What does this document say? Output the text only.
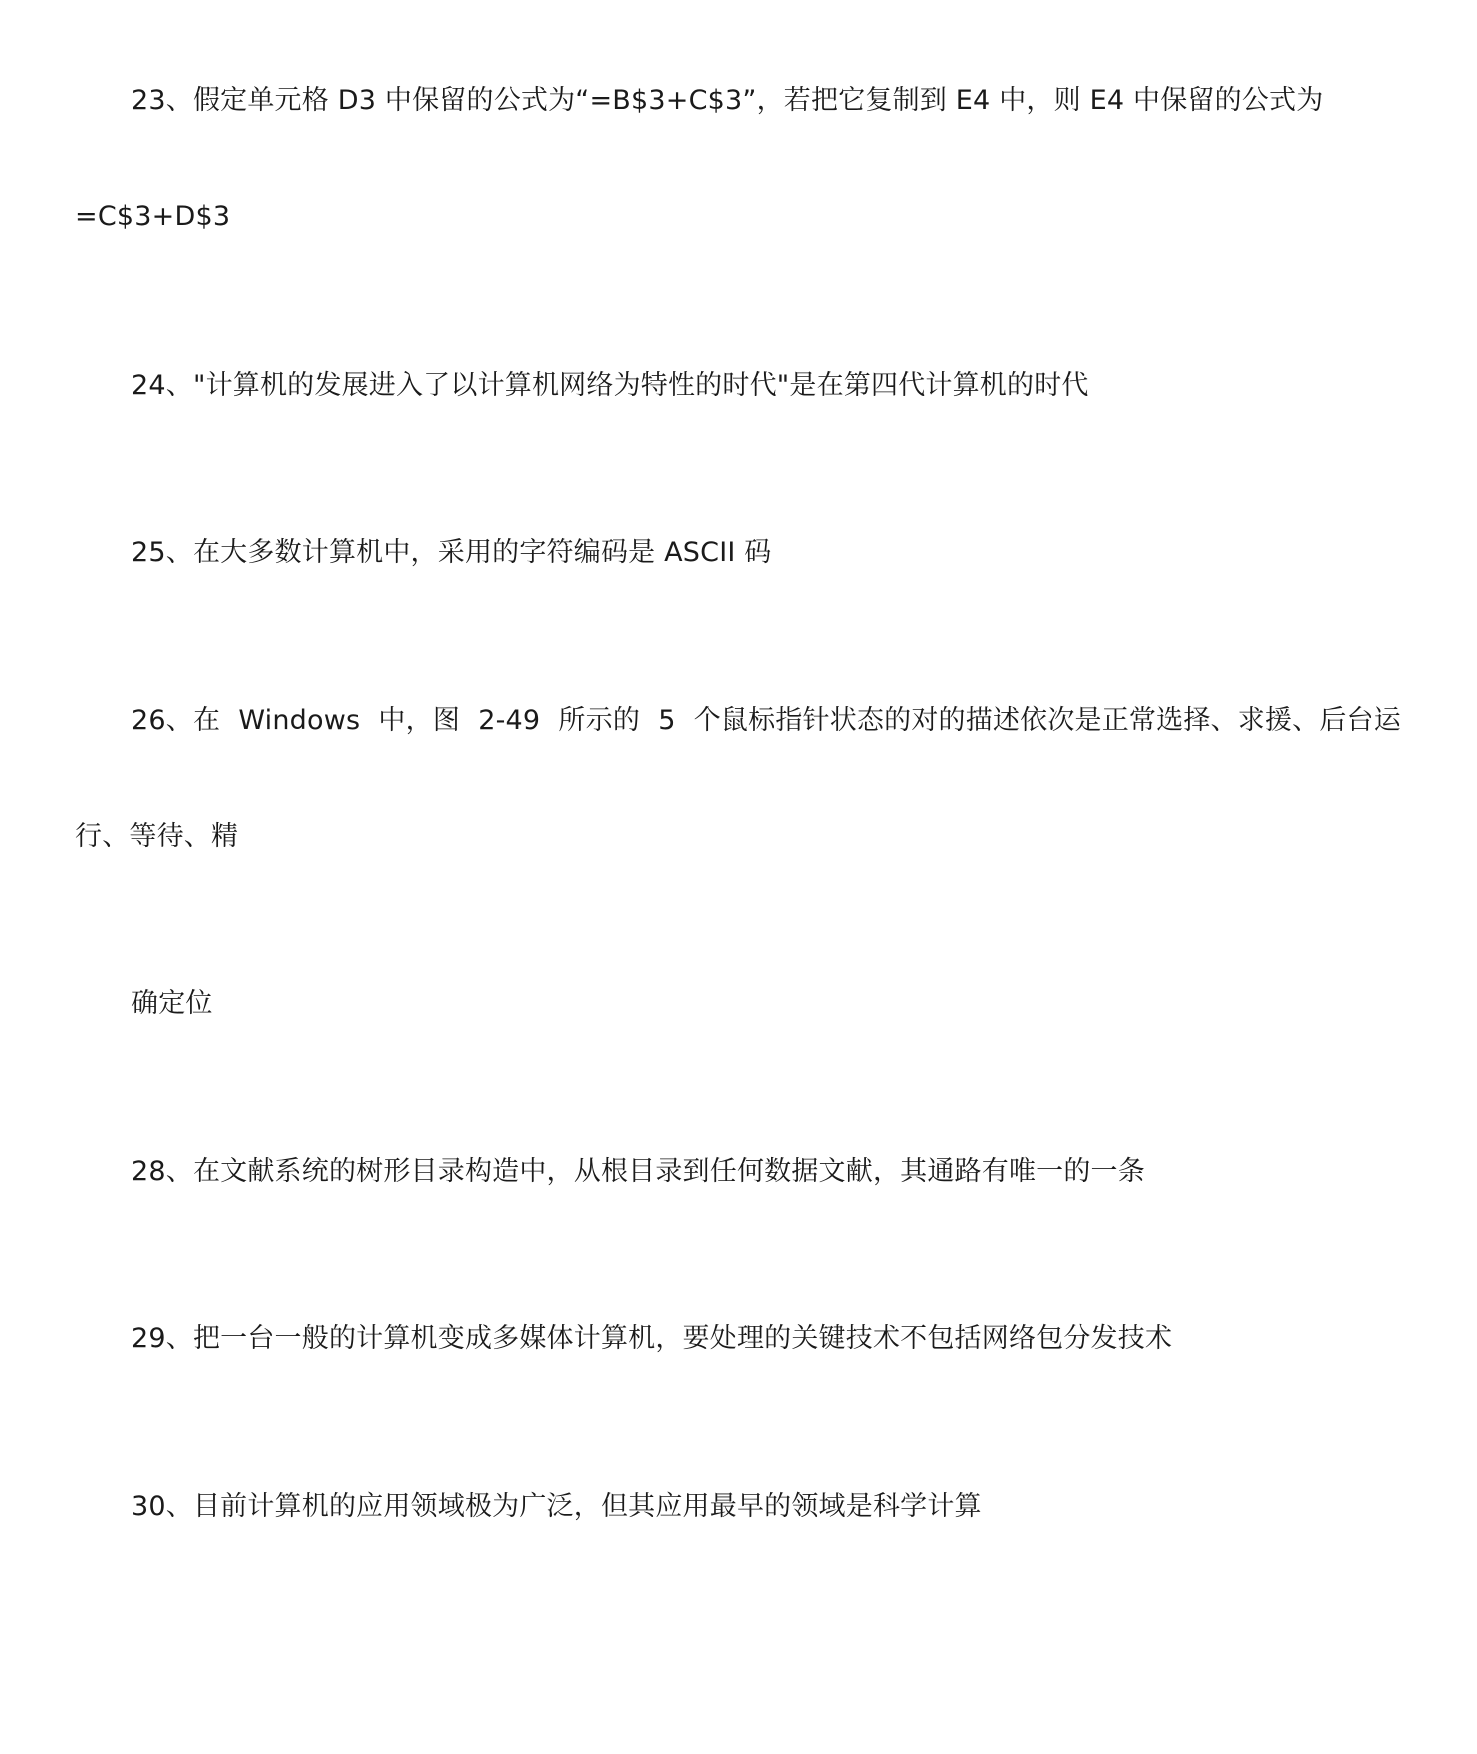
23、假定单元格 D3 中保留的公式为“=B$3+C$3”，若把它复制到 E4 中，则 E4 中保留的公式为
=C$3+D$3
24、"计算机的发展进入了以计算机网络为特性的时代"是在第四代计算机的时代
25、在大多数计算机中，采用的字符编码是 ASCII 码
26、在 Windows 中，图 2-49 所示的 5 个鼠标指针状态的对的描述依次是正常选择、求援、后台运
行、等待、精
确定位
28、在文献系统的树形目录构造中，从根目录到任何数据文献，其通路有唯一的一条
29、把一台一般的计算机变成多媒体计算机，要处理的关键技术不包括网络包分发技术
30、目前计算机的应用领域极为广泛，但其应用最早的领域是科学计算
